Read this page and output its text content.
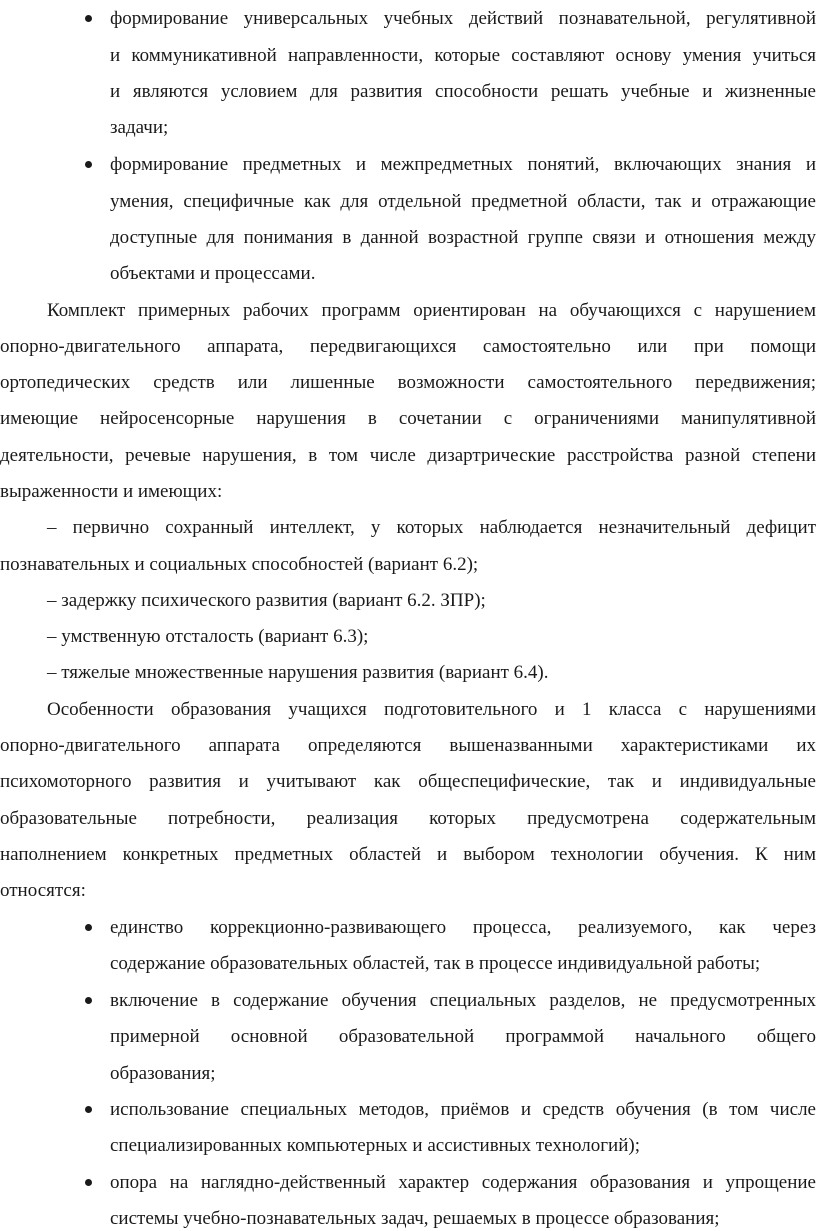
формирование универсальных учебных действий познавательной, регулятивной
и коммуникативной направленности, которые составляют основу умения учиться
и являются условием для развития способности решать учебные и жизненные
задачи;
формирование предметных и межпредметных понятий, включающих знания и
умения, специфичные как для отдельной предметной области, так и отражающие
доступные для понимания в данной возрастной группе связи и отношения между
объектами и процессами.
Комплект примерных рабочих программ ориентирован на обучающихся с нарушением
опорно-двигательного аппарата, передвигающихся самостоятельно или при помощи
ортопедических средств или лишенные возможности самостоятельного передвижения;
имеющие нейросенсорные нарушения в сочетании с ограничениями манипулятивной
деятельности, речевые нарушения, в том числе дизартрические расстройства разной степени
выраженности и имеющих:
– первично сохранный интеллект, у которых наблюдается незначительный дефицит
познавательных и социальных способностей (вариант 6.2);
– задержку психического развития (вариант 6.2. ЗПР);
– умственную отсталость (вариант 6.3);
– тяжелые множественные нарушения развития (вариант 6.4).
Особенности образования учащихся подготовительного и 1 класса с нарушениями
опорно-двигательного аппарата определяются вышеназванными характеристиками их
психомоторного развития и учитывают как общеспецифические, так и индивидуальные
образовательные потребности, реализация которых предусмотрена содержательным
наполнением конкретных предметных областей и выбором технологии обучения. К ним
относятся:
единство коррекционно-развивающего процесса, реализуемого, как через
содержание образовательных областей, так в процессе индивидуальной работы;
включение в содержание обучения специальных разделов, не предусмотренных
примерной основной образовательной программой начального общего
образования;
использование специальных методов, приёмов и средств обучения (в том числе
специализированных компьютерных и ассистивных технологий);
опора на наглядно-действенный характер содержания образования и упрощение
системы учебно-познавательных задач, решаемых в процессе образования;
